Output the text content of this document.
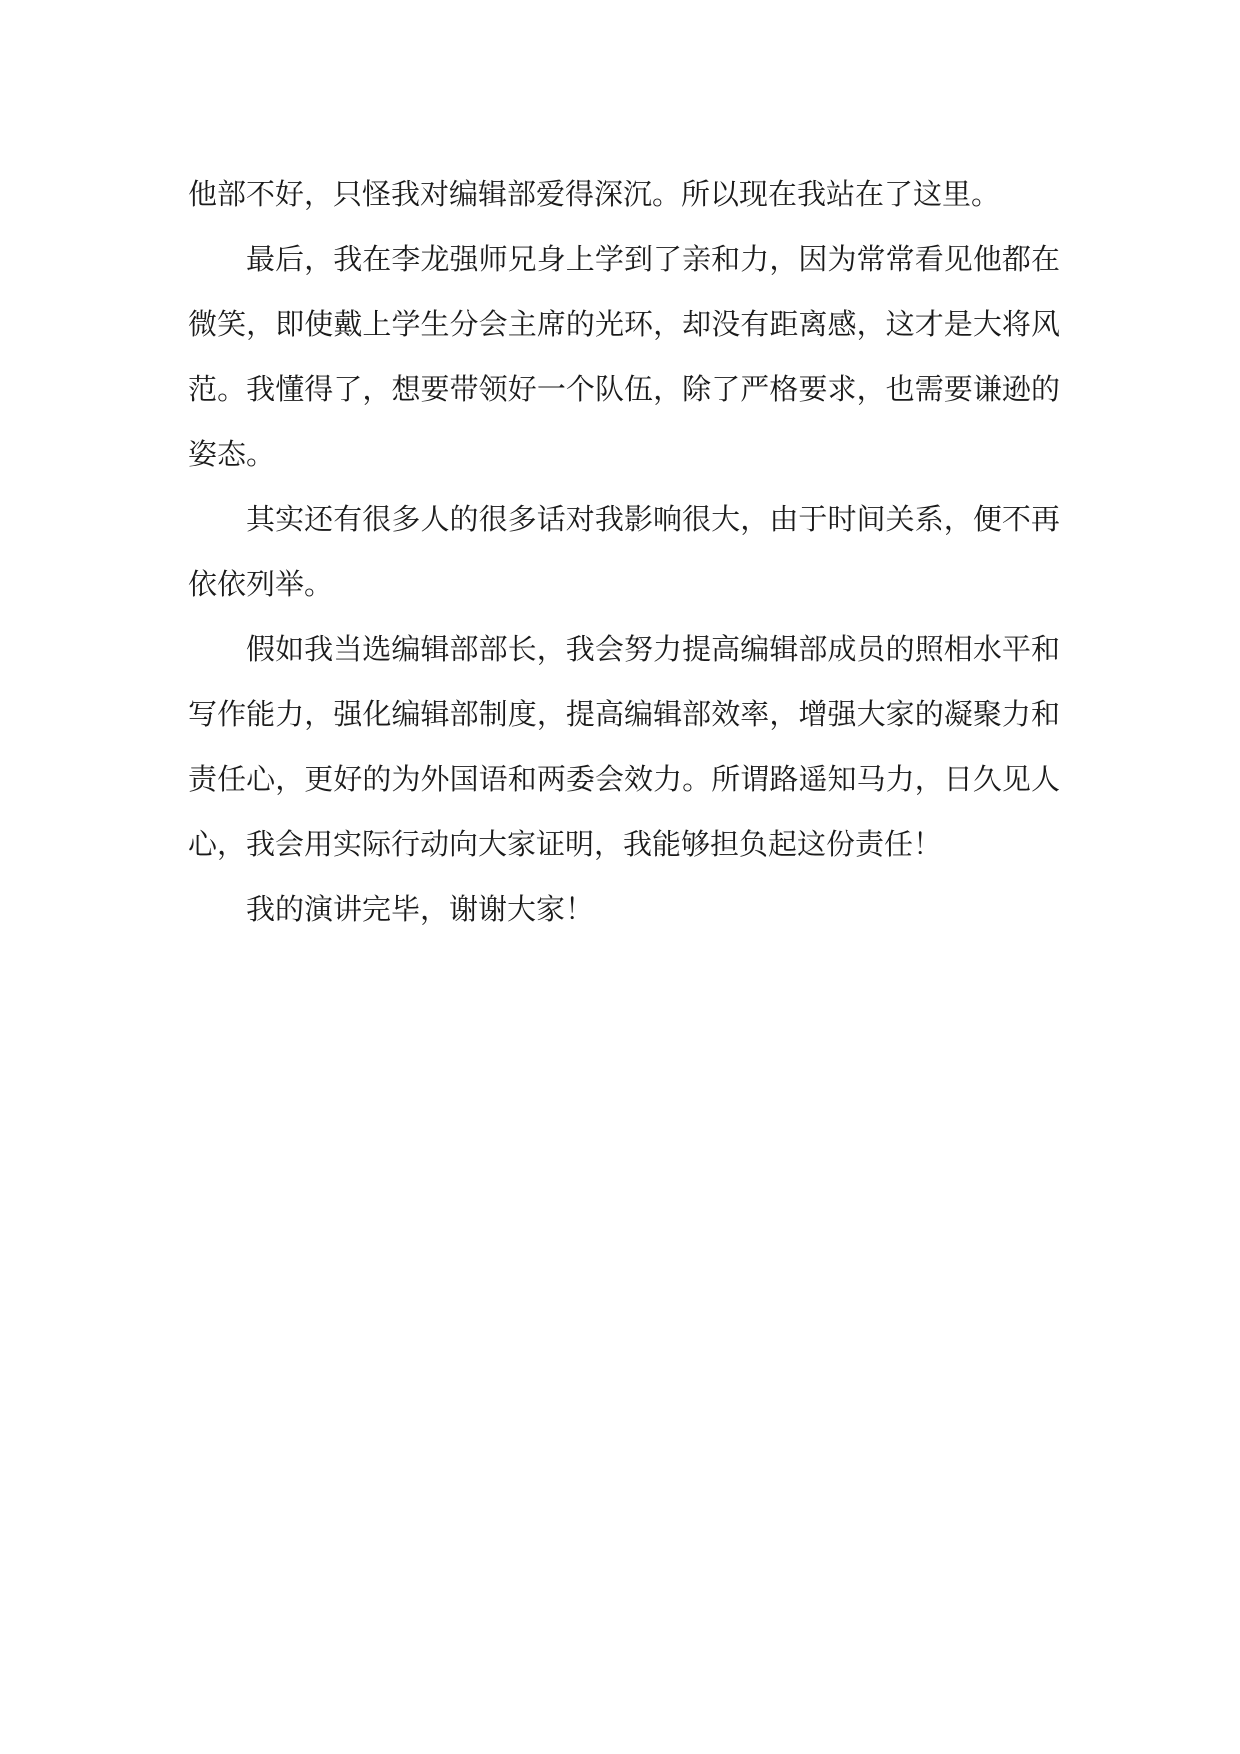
他部不好，只怪我对编辑部爱得深沉。所以现在我站在了这里。

最后，我在李龙强师兄身上学到了亲和力，因为常常看见他都在微笑，即使戴上学生分会主席的光环，却没有距离感，这才是大将风范。我懂得了，想要带领好一个队伍，除了严格要求，也需要谦逊的姿态。

其实还有很多人的很多话对我影响很大，由于时间关系，便不再依依列举。

假如我当选编辑部部长，我会努力提高编辑部成员的照相水平和写作能力，强化编辑部制度，提高编辑部效率，增强大家的凝聚力和责任心，更好的为外国语和两委会效力。所谓路遥知马力，日久见人心，我会用实际行动向大家证明，我能够担负起这份责任！

我的演讲完毕，谢谢大家！
